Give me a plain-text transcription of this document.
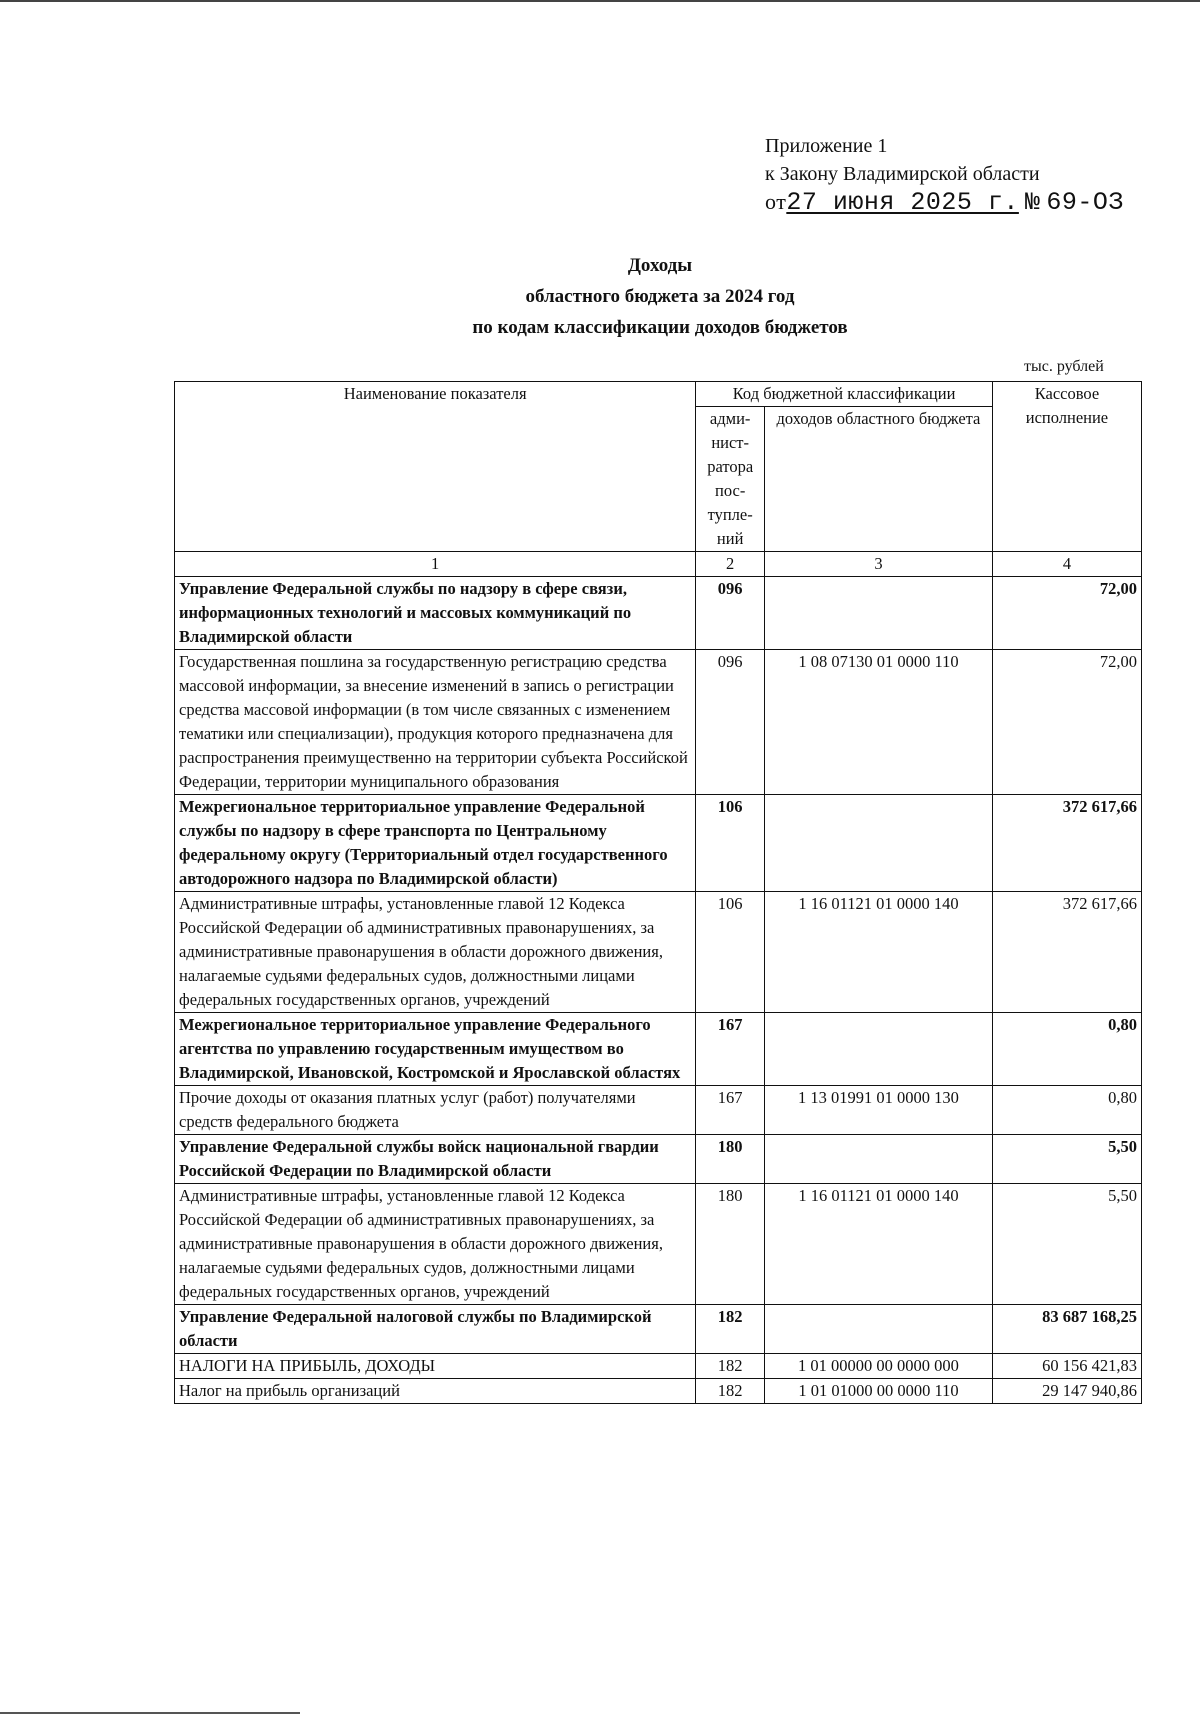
Приложение 1
к Закону Владимирской области
от27 июня 2025 г. № 69-ОЗ
Доходы
областного бюджета за 2024 год
по кодам классификации доходов бюджетов
тыс. рублей
Наименование показателя	Код бюджетной классификации		Кассовое исполнение
	адми-нист-ратора пос-тупле-ний	доходов областного бюджета	
1	2	3	4
Управление Федеральной службы по надзору в сфере связи, информационных технологий и массовых коммуникаций по Владимирской области	096		72,00
Государственная пошлина за государственную регистрацию средства массовой информации, за внесение изменений в запись о регистрации средства массовой информации (в том числе связанных с изменением тематики или специализации), продукция которого предназначена для распространения преимущественно на территории субъекта Российской Федерации, территории муниципального образования	096	1 08 07130 01 0000 110	72,00
Межрегиональное территориальное управление Федеральной службы по надзору в сфере транспорта по Центральному федеральному округу (Территориальный отдел государственного автодорожного надзора по Владимирской области)	106		372 617,66
Административные штрафы, установленные главой 12 Кодекса Российской Федерации об административных правонарушениях, за административные правонарушения в области дорожного движения, налагаемые судьями федеральных судов, должностными лицами федеральных государственных органов, учреждений	106	1 16 01121 01 0000 140	372 617,66
Межрегиональное территориальное управление Федерального агентства по управлению государственным имуществом во Владимирской, Ивановской, Костромской и Ярославской областях	167		0,80
Прочие доходы от оказания платных услуг (работ) получателями средств федерального бюджета	167	1 13 01991 01 0000 130	0,80
Управление Федеральной службы войск национальной гвардии Российской Федерации по Владимирской области	180		5,50
Административные штрафы, установленные главой 12 Кодекса Российской Федерации об административных правонарушениях, за административные правонарушения в области дорожного движения, налагаемые судьями федеральных судов, должностными лицами федеральных государственных органов, учреждений	180	1 16 01121 01 0000 140	5,50
Управление Федеральной налоговой службы по Владимирской области	182		83 687 168,25
НАЛОГИ НА ПРИБЫЛЬ, ДОХОДЫ	182	1 01 00000 00 0000 000	60 156 421,83
Налог на прибыль организаций	182	1 01 01000 00 0000 110	29 147 940,86
